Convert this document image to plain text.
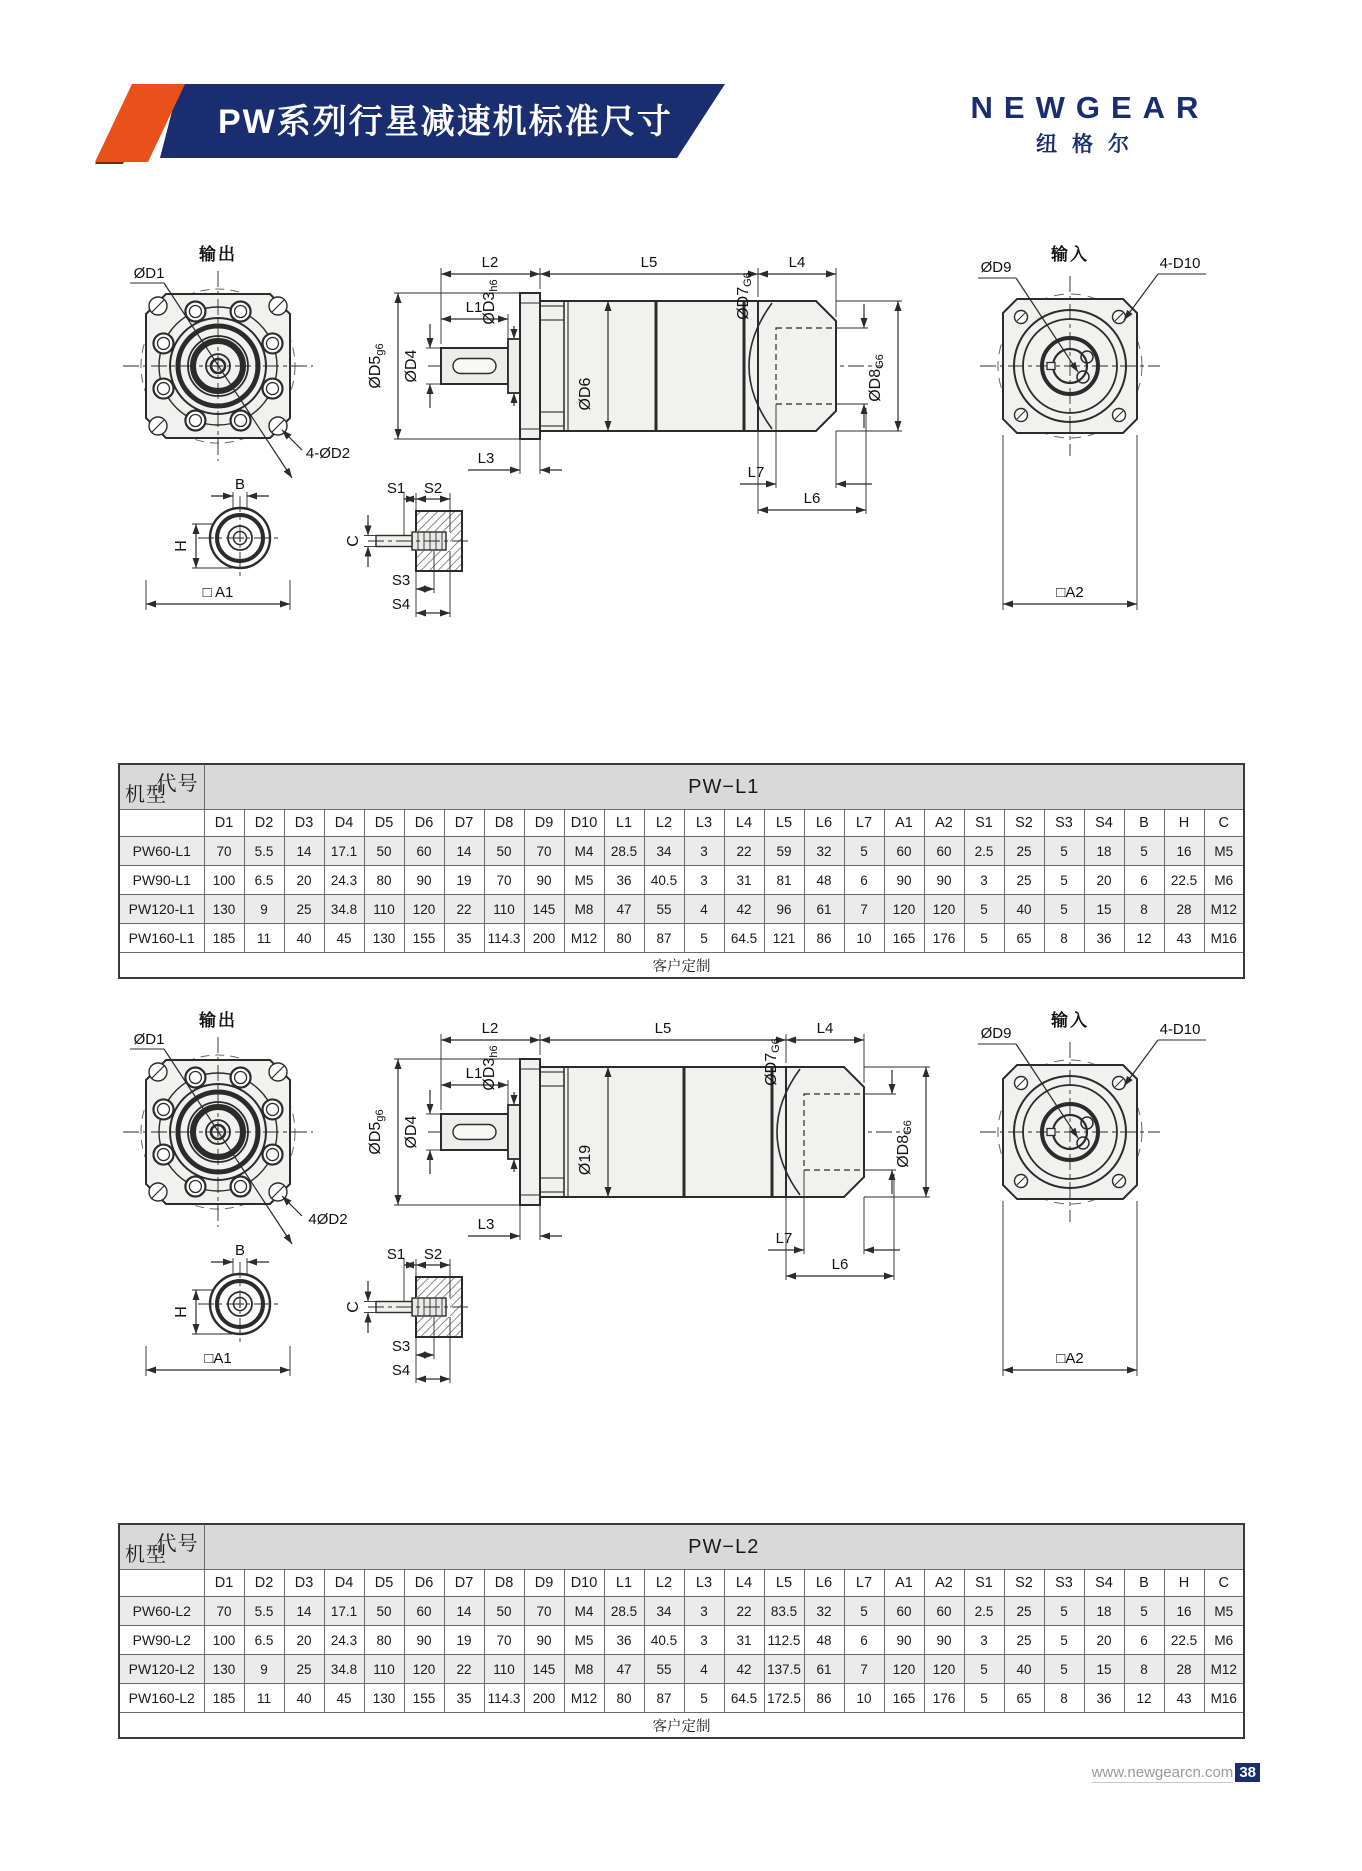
PW系列行星减速机标准尺寸	NEWGEAR
纽格尔
输出
ØD1
4-ØD2
□ A1
L2	L5	L4
L1
ØD5g6 ØD4
ØD3h6
ØD6
ØD7G6
ØD8G6
L3
L7
L6
输入
ØD9	4-D10
□A2
B
H
S1 S2
C
S3
S4
输出
ØD1
4ØD2
□A1
L2	L5	L4
L1
ØD5g6 ØD4
ØD3h6
Ø19
ØD7G6
ØD8G6
L3
L7
L6
输入
ØD9	4-D10
□A2
B
H
S1 S2
C
S3
S4
代号
机型	PW−L1																									
	D1	D2	D3	D4	D5	D6	D7	D8	D9	D10	L1	L2	L3	L4	L5	L6	L7	A1	A2	S1	S2	S3	S4	B	H	C
PW60-L1	70	5.5	14	17.1	50	60	14	50	70	M4	28.5	34	3	22	59	32	5	60	60	2.5	25	5	18	5	16	M5
PW90-L1	100	6.5	20	24.3	80	90	19	70	90	M5	36	40.5	3	31	81	48	6	90	90	3	25	5	20	6	22.5	M6
PW120-L1	130	9	25	34.8	110	120	22	110	145	M8	47	55	4	42	96	61	7	120	120	5	40	5	15	8	28	M12
PW160-L1	185	11	40	45	130	155	35	114.3	200	M12	80	87	5	64.5	121	86	10	165	176	5	65	8	36	12	43	M16
客户定制																										
代号
机型	PW−L2																									
	D1	D2	D3	D4	D5	D6	D7	D8	D9	D10	L1	L2	L3	L4	L5	L6	L7	A1	A2	S1	S2	S3	S4	B	H	C
PW60-L2	70	5.5	14	17.1	50	60	14	50	70	M4	28.5	34	3	22	83.5	32	5	60	60	2.5	25	5	18	5	16	M5
PW90-L2	100	6.5	20	24.3	80	90	19	70	90	M5	36	40.5	3	31	112.5	48	6	90	90	3	25	5	20	6	22.5	M6
PW120-L2	130	9	25	34.8	110	120	22	110	145	M8	47	55	4	42	137.5	61	7	120	120	5	40	5	15	8	28	M12
PW160-L2	185	11	40	45	130	155	35	114.3	200	M12	80	87	5	64.5	172.5	86	10	165	176	5	65	8	36	12	43	M16
客户定制																										
www.newgearcn.com 38
